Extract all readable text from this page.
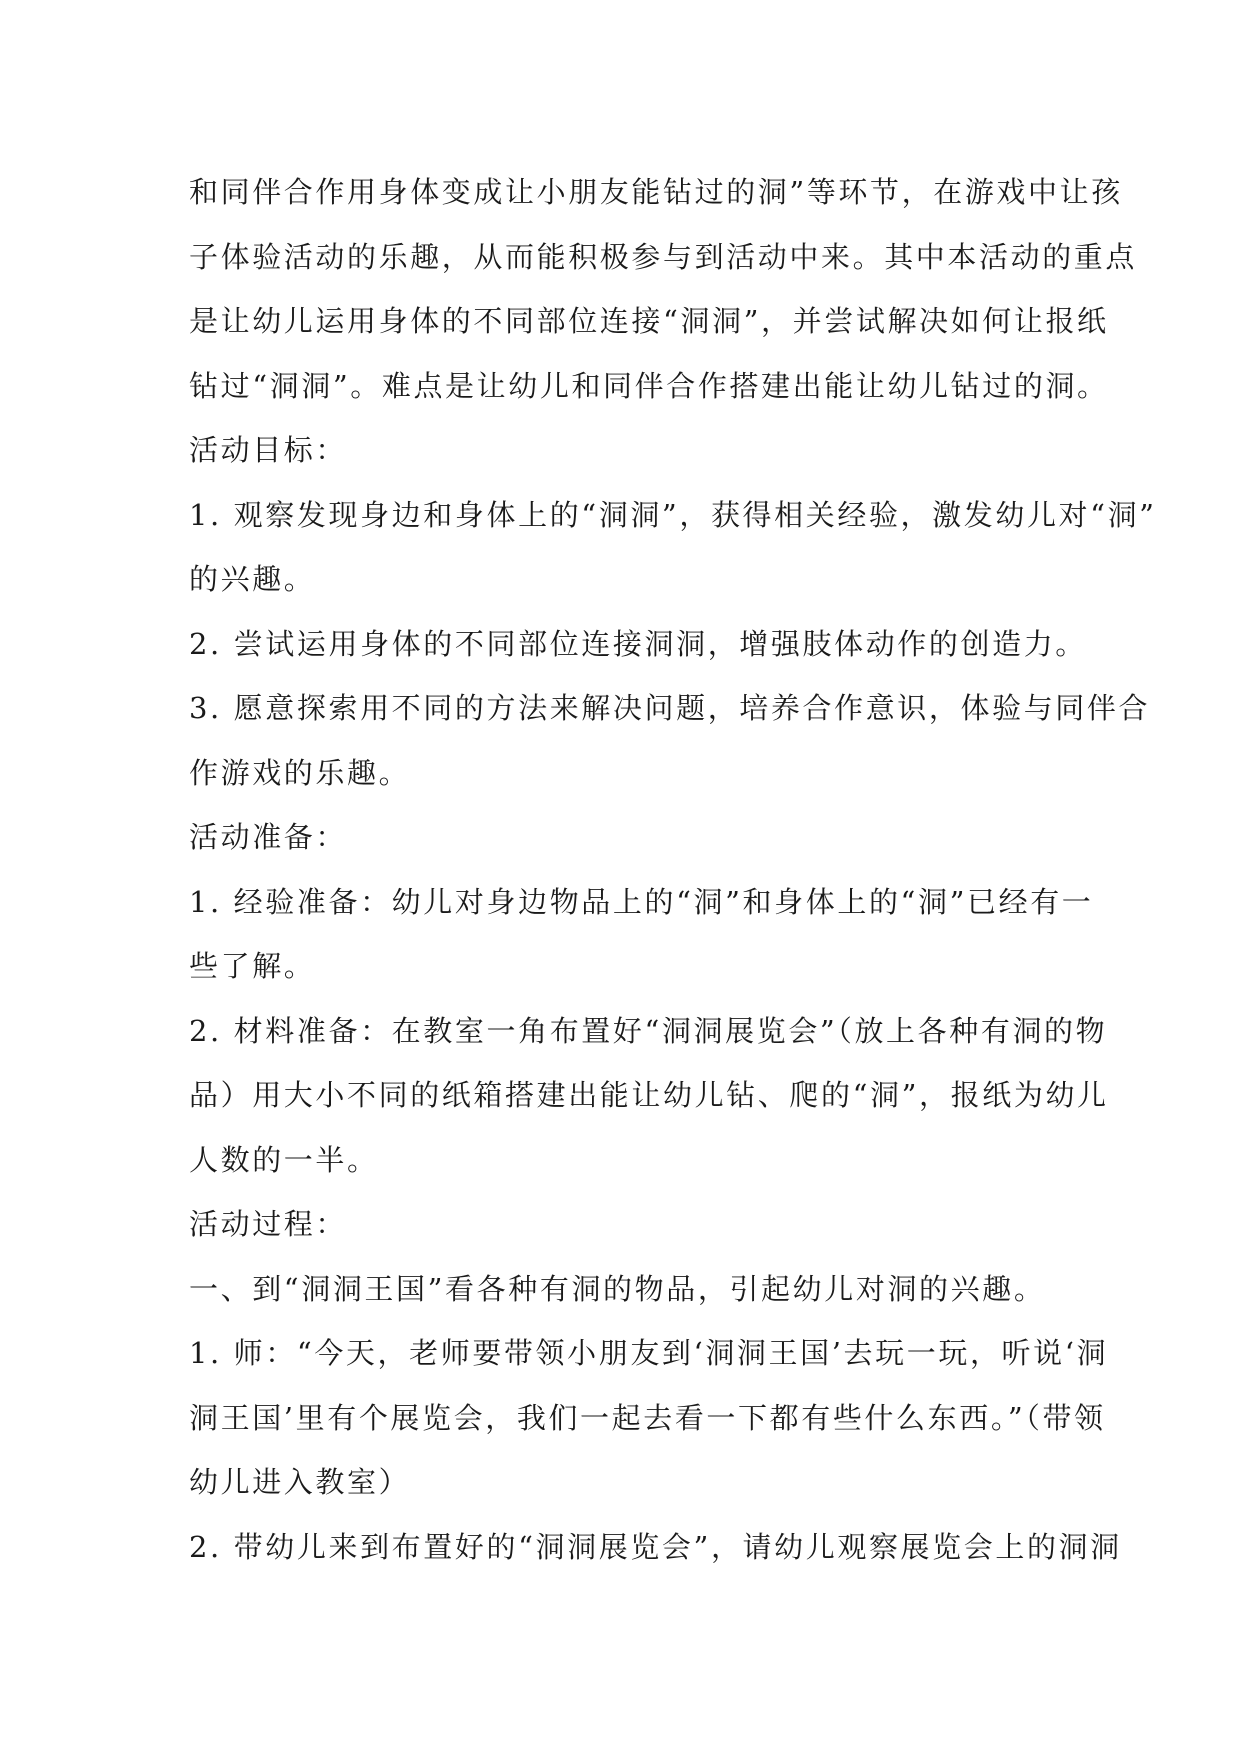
和同伴合作用身体变成让小朋友能钻过的洞”等环节，在游戏中让孩

子体验活动的乐趣，从而能积极参与到活动中来。其中本活动的重点

是让幼儿运用身体的不同部位连接“洞洞”，并尝试解决如何让报纸

钻过“洞洞”。难点是让幼儿和同伴合作搭建出能让幼儿钻过的洞。

活动目标：

1. 观察发现身边和身体上的“洞洞”，获得相关经验，激发幼儿对“洞”

的兴趣。

2. 尝试运用身体的不同部位连接洞洞，增强肢体动作的创造力。

3. 愿意探索用不同的方法来解决问题，培养合作意识，体验与同伴合

作游戏的乐趣。

活动准备：

1. 经验准备：幼儿对身边物品上的“洞”和身体上的“洞”已经有一

些了解。

2. 材料准备：在教室一角布置好“洞洞展览会”（放上各种有洞的物

品）用大小不同的纸箱搭建出能让幼儿钻、爬的“洞”，报纸为幼儿

人数的一半。

活动过程：

一、到“洞洞王国”看各种有洞的物品，引起幼儿对洞的兴趣。

1. 师：“今天，老师要带领小朋友到‘洞洞王国’去玩一玩，听说‘洞

洞王国’里有个展览会，我们一起去看一下都有些什么东西。”（带领

幼儿进入教室）

2. 带幼儿来到布置好的“洞洞展览会”，请幼儿观察展览会上的洞洞
